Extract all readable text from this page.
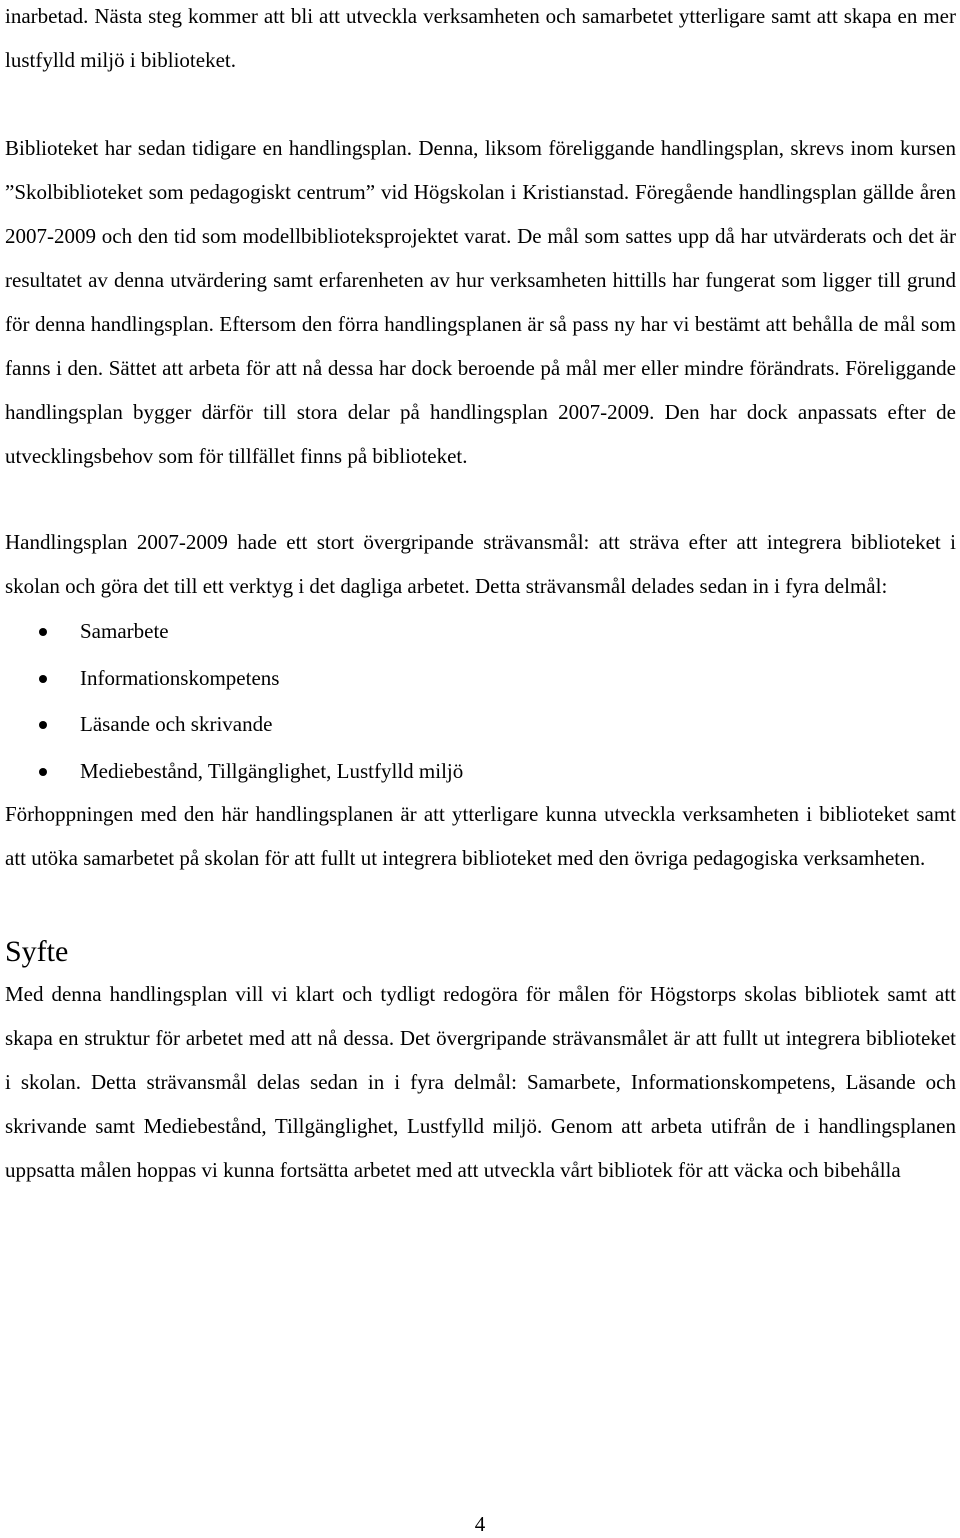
inarbetad. Nästa steg kommer att bli att utveckla verksamheten och samarbetet ytterligare samt att skapa en mer lustfylld miljö i biblioteket.

Biblioteket har sedan tidigare en handlingsplan. Denna, liksom föreliggande handlingsplan, skrevs inom kursen ”Skolbiblioteket som pedagogiskt centrum” vid Högskolan i Kristianstad. Föregående handlingsplan gällde åren 2007-2009 och den tid som modellbiblioteksprojektet varat. De mål som sattes upp då har utvärderats och det är resultatet av denna utvärdering samt erfarenheten av hur verksamheten hittills har fungerat som ligger till grund för denna handlingsplan. Eftersom den förra handlingsplanen är så pass ny har vi bestämt att behålla de mål som fanns i den. Sättet att arbeta för att nå dessa har dock beroende på mål mer eller mindre förändrats. Föreliggande handlingsplan bygger därför till stora delar på handlingsplan 2007-2009. Den har dock anpassats efter de utvecklingsbehov som för tillfället finns på biblioteket.

Handlingsplan 2007-2009 hade ett stort övergripande strävansmål: att sträva efter att integrera biblioteket i skolan och göra det till ett verktyg i det dagliga arbetet. Detta strävansmål delades sedan in i fyra delmål:

Samarbete
Informationskompetens
Läsande och skrivande
Mediebestånd, Tillgänglighet, Lustfylld miljö

Förhoppningen med den här handlingsplanen är att ytterligare kunna utveckla verksamheten i biblioteket samt att utöka samarbetet på skolan för att fullt ut integrera biblioteket med den övriga pedagogiska verksamheten.

Syfte

Med denna handlingsplan vill vi klart och tydligt redogöra för målen för Högstorps skolas bibliotek samt att skapa en struktur för arbetet med att nå dessa. Det övergripande strävansmålet är att fullt ut integrera biblioteket i skolan. Detta strävansmål delas sedan in i fyra delmål: Samarbete, Informationskompetens, Läsande och skrivande samt Mediebestånd, Tillgänglighet, Lustfylld miljö. Genom att arbeta utifrån de i handlingsplanen uppsatta målen hoppas vi kunna fortsätta arbetet med att utveckla vårt bibliotek för att väcka och bibehålla

4
